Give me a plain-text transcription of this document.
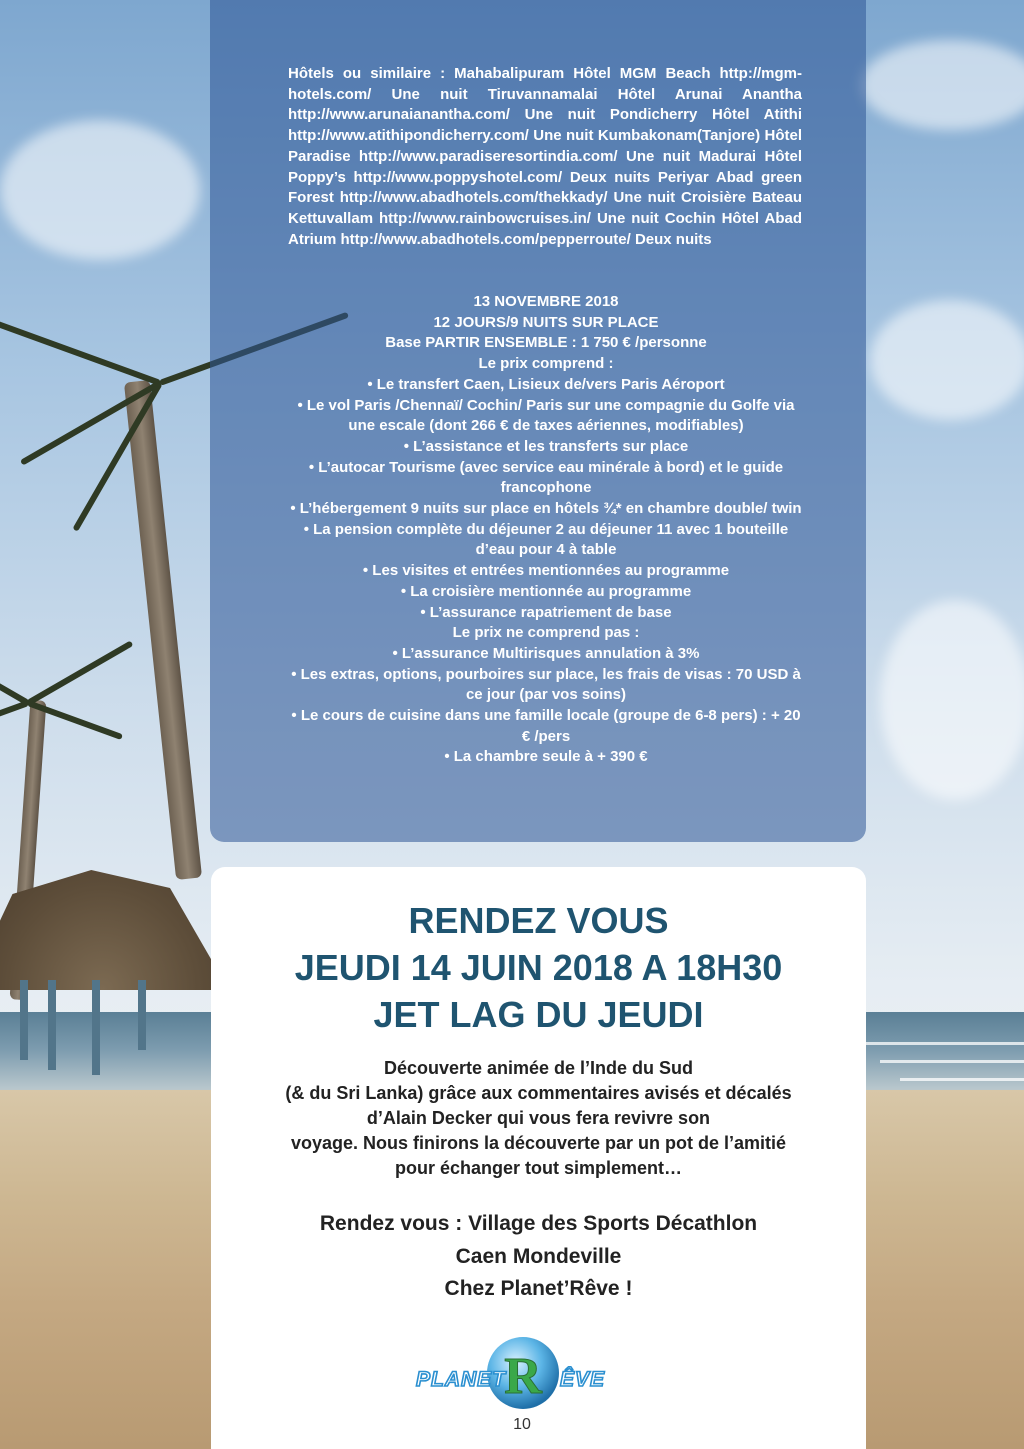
Hôtels ou similaire : Mahabalipuram Hôtel MGM Beach http://mgm-hotels.com/ Une nuit Tiruvannamalai Hôtel Arunai Anantha http://www.arunaianantha.com/ Une nuit Pondicherry Hôtel Atithi http://www.atithipondicherry.com/ Une nuit Kumbakonam(Tanjore) Hôtel Paradise http://www.paradiseresortindia.com/ Une nuit Madurai Hôtel Poppy’s http://www.poppyshotel.com/ Deux nuits Periyar Abad green Forest http://www.abadhotels.com/thekkady/ Une nuit Croisière Bateau Kettuvallam http://www.rainbowcruises.in/ Une nuit Cochin Hôtel Abad Atrium http://www.abadhotels.com/pepperroute/ Deux nuits
13 NOVEMBRE 2018
12 JOURS/9 NUITS SUR PLACE
Base PARTIR ENSEMBLE : 1 750 € /personne
Le prix comprend :
• Le transfert Caen, Lisieux de/vers Paris Aéroport
• Le vol Paris /Chennaï/ Cochin/ Paris sur une compagnie du Golfe via une escale (dont 266 € de taxes aériennes, modifiables)
• L’assistance et les transferts sur place
• L’autocar Tourisme (avec service eau minérale à bord) et le guide francophone
• L’hébergement 9 nuits sur place en hôtels ¾* en chambre double/ twin
• La pension complète du déjeuner 2 au déjeuner 11 avec 1 bouteille d’eau pour 4 à table
• Les visites et entrées mentionnées au programme
• La croisière mentionnée au programme
• L’assurance rapatriement de base
Le prix ne comprend pas :
• L’assurance Multirisques annulation à 3%
• Les extras, options, pourboires sur place, les frais de visas : 70 USD à ce jour (par vos soins)
• Le cours de cuisine dans une famille locale (groupe de 6-8 pers) : + 20 € /pers
• La chambre seule à + 390 €
RENDEZ VOUS
JEUDI 14 JUIN 2018 A 18H30
JET LAG DU JEUDI
Découverte animée de l’Inde du Sud
(& du Sri Lanka) grâce aux commentaires avisés et décalés
d’Alain Decker qui vous fera revivre son
voyage. Nous finirons la découverte par un pot de l’amitié
pour échanger tout simplement…
Rendez vous : Village des Sports Décathlon
Caen Mondeville
Chez Planet’Rêve !
R
PLANET	ÊVE
10
